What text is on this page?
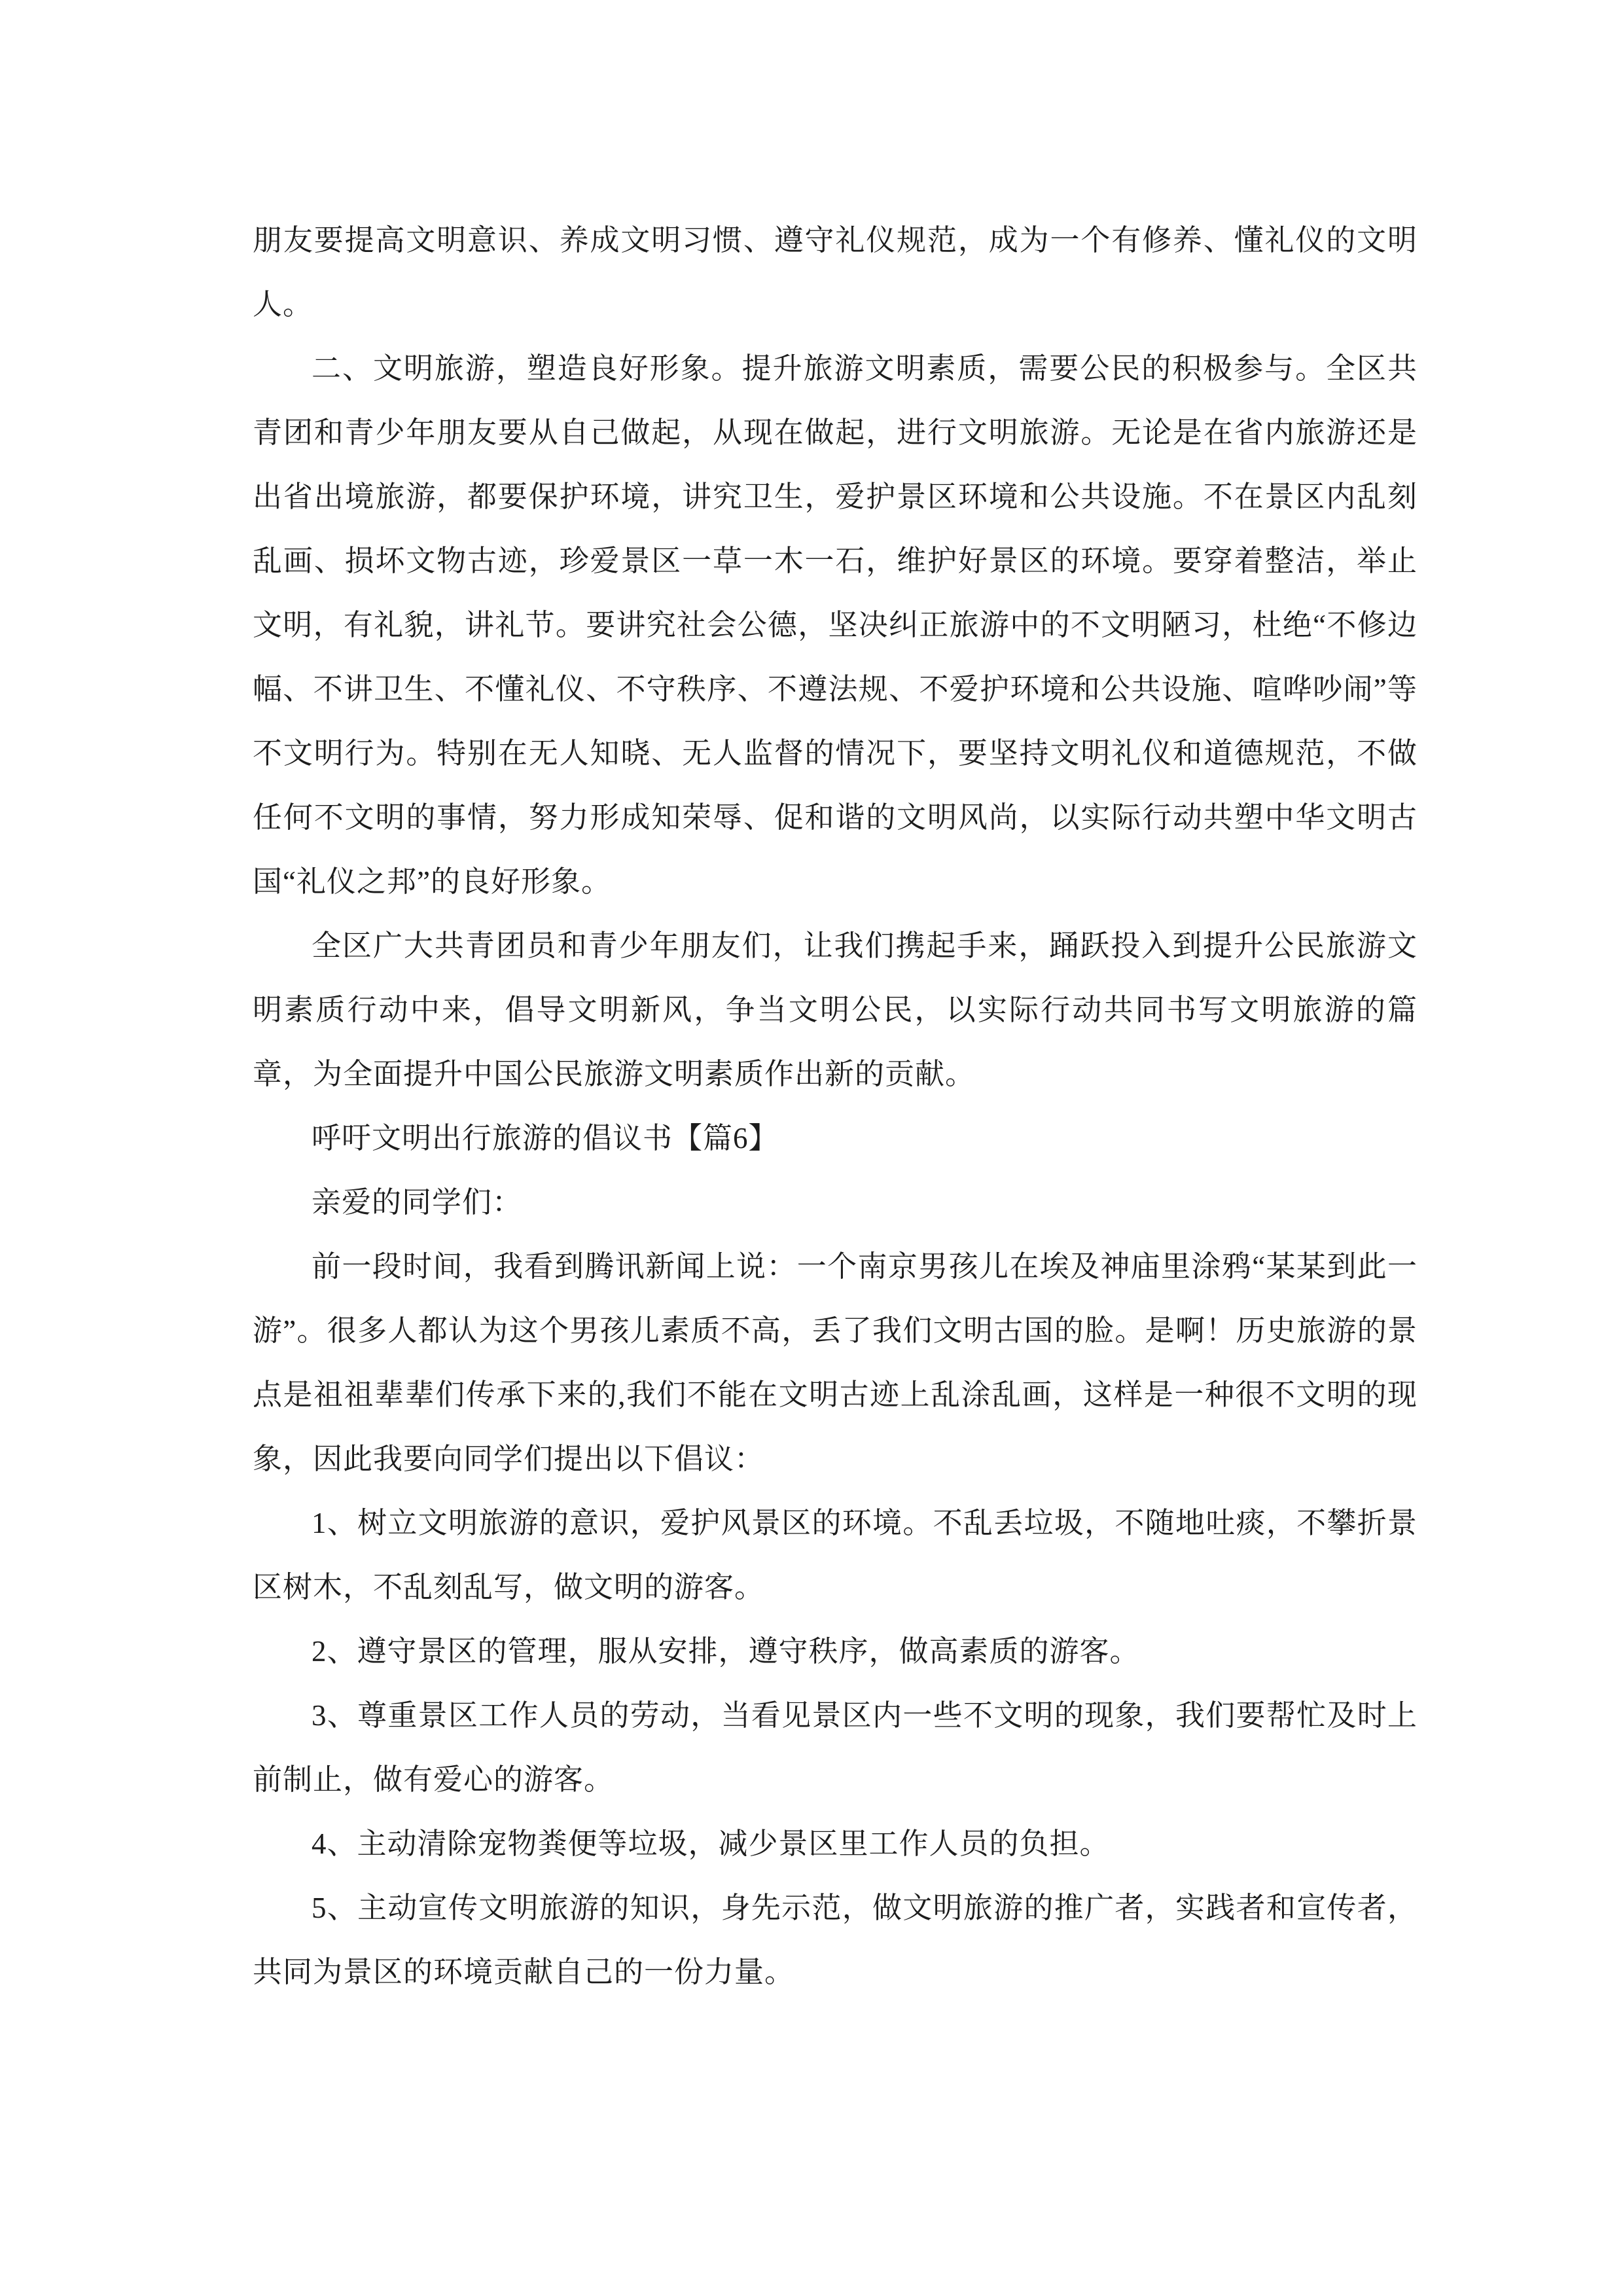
朋友要提高文明意识、养成文明习惯、遵守礼仪规范，成为一个有修养、懂礼仪的文明人。

二、文明旅游，塑造良好形象。提升旅游文明素质，需要公民的积极参与。全区共青团和青少年朋友要从自己做起，从现在做起，进行文明旅游。无论是在省内旅游还是出省出境旅游，都要保护环境，讲究卫生，爱护景区环境和公共设施。不在景区内乱刻乱画、损坏文物古迹，珍爱景区一草一木一石，维护好景区的环境。要穿着整洁，举止文明，有礼貌，讲礼节。要讲究社会公德，坚决纠正旅游中的不文明陋习，杜绝“不修边幅、不讲卫生、不懂礼仪、不守秩序、不遵法规、不爱护环境和公共设施、喧哗吵闹”等不文明行为。特别在无人知晓、无人监督的情况下，要坚持文明礼仪和道德规范，不做任何不文明的事情，努力形成知荣辱、促和谐的文明风尚，以实际行动共塑中华文明古国“礼仪之邦”的良好形象。

全区广大共青团员和青少年朋友们，让我们携起手来，踊跃投入到提升公民旅游文明素质行动中来，倡导文明新风，争当文明公民，以实际行动共同书写文明旅游的篇章，为全面提升中国公民旅游文明素质作出新的贡献。

呼吁文明出行旅游的倡议书【篇6】

亲爱的同学们：

前一段时间，我看到腾讯新闻上说：一个南京男孩儿在埃及神庙里涂鸦“某某到此一游”。很多人都认为这个男孩儿素质不高，丢了我们文明古国的脸。是啊！历史旅游的景点是祖祖辈辈们传承下来的,我们不能在文明古迹上乱涂乱画，这样是一种很不文明的现象，因此我要向同学们提出以下倡议：

1、树立文明旅游的意识，爱护风景区的环境。不乱丢垃圾，不随地吐痰，不攀折景区树木，不乱刻乱写，做文明的游客。

2、遵守景区的管理，服从安排，遵守秩序，做高素质的游客。

3、尊重景区工作人员的劳动，当看见景区内一些不文明的现象，我们要帮忙及时上前制止，做有爱心的游客。

4、主动清除宠物粪便等垃圾，减少景区里工作人员的负担。

5、主动宣传文明旅游的知识，身先示范，做文明旅游的推广者，实践者和宣传者，共同为景区的环境贡献自己的一份力量。
